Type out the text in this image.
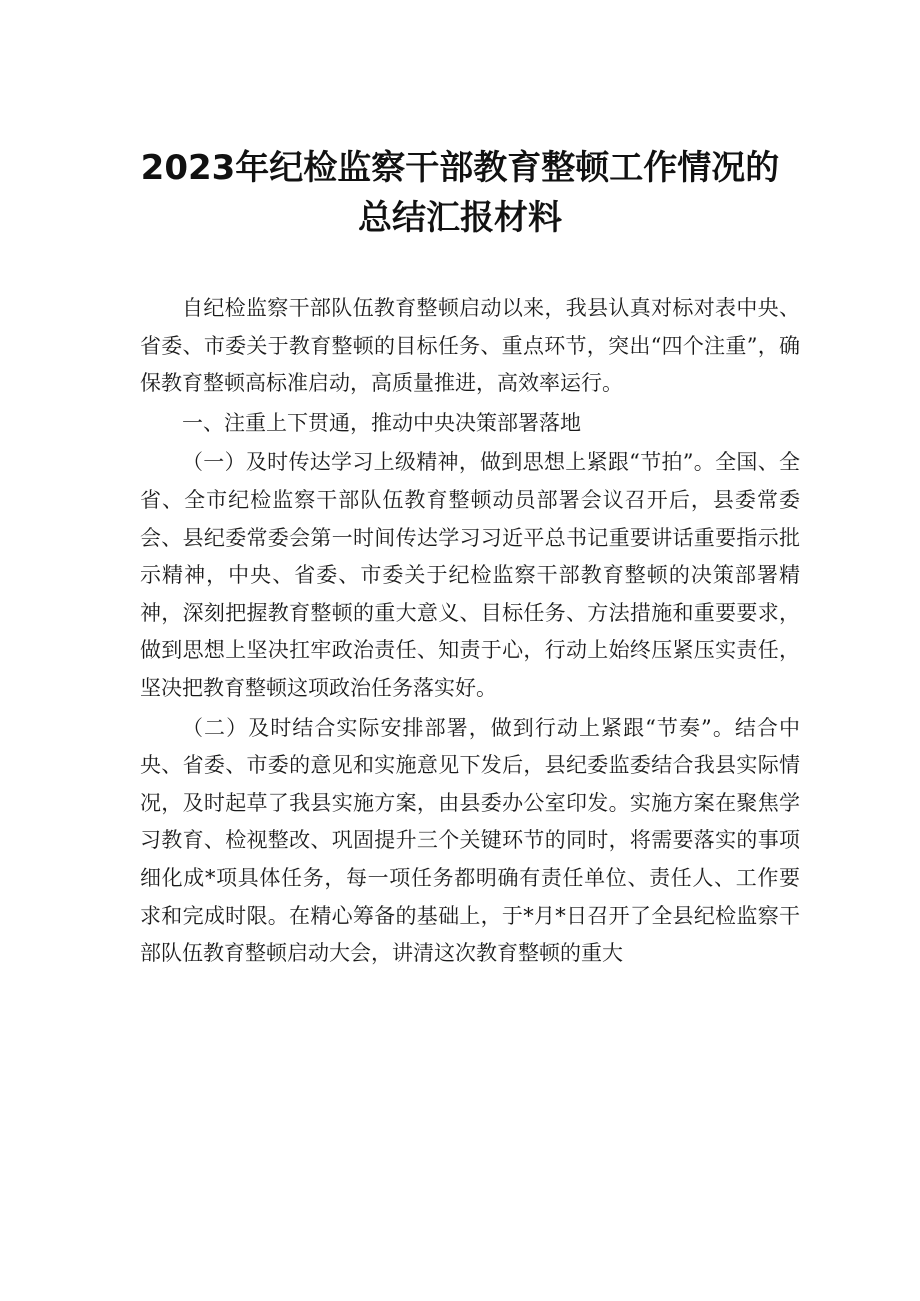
2023年纪检监察干部教育整顿工作情况的
总结汇报材料

自纪检监察干部队伍教育整顿启动以来，我县认真对标对表中央、省委、市委关于教育整顿的目标任务、重点环节，突出“四个注重”，确保教育整顿高标准启动，高质量推进，高效率运行。

一、注重上下贯通，推动中央决策部署落地

（一）及时传达学习上级精神，做到思想上紧跟“节拍”。全国、全省、全市纪检监察干部队伍教育整顿动员部署会议召开后，县委常委会、县纪委常委会第一时间传达学习习近平总书记重要讲话重要指示批示精神，中央、省委、市委关于纪检监察干部教育整顿的决策部署精神，深刻把握教育整顿的重大意义、目标任务、方法措施和重要要求，做到思想上坚决扛牢政治责任、知责于心，行动上始终压紧压实责任，坚决把教育整顿这项政治任务落实好。

（二）及时结合实际安排部署，做到行动上紧跟“节奏”。结合中央、省委、市委的意见和实施意见下发后，县纪委监委结合我县实际情况，及时起草了我县实施方案，由县委办公室印发。实施方案在聚焦学习教育、检视整改、巩固提升三个关键环节的同时，将需要落实的事项细化成*项具体任务，每一项任务都明确有责任单位、责任人、工作要求和完成时限。在精心筹备的基础上，于*月*日召开了全县纪检监察干部队伍教育整顿启动大会，讲清这次教育整顿的重大
